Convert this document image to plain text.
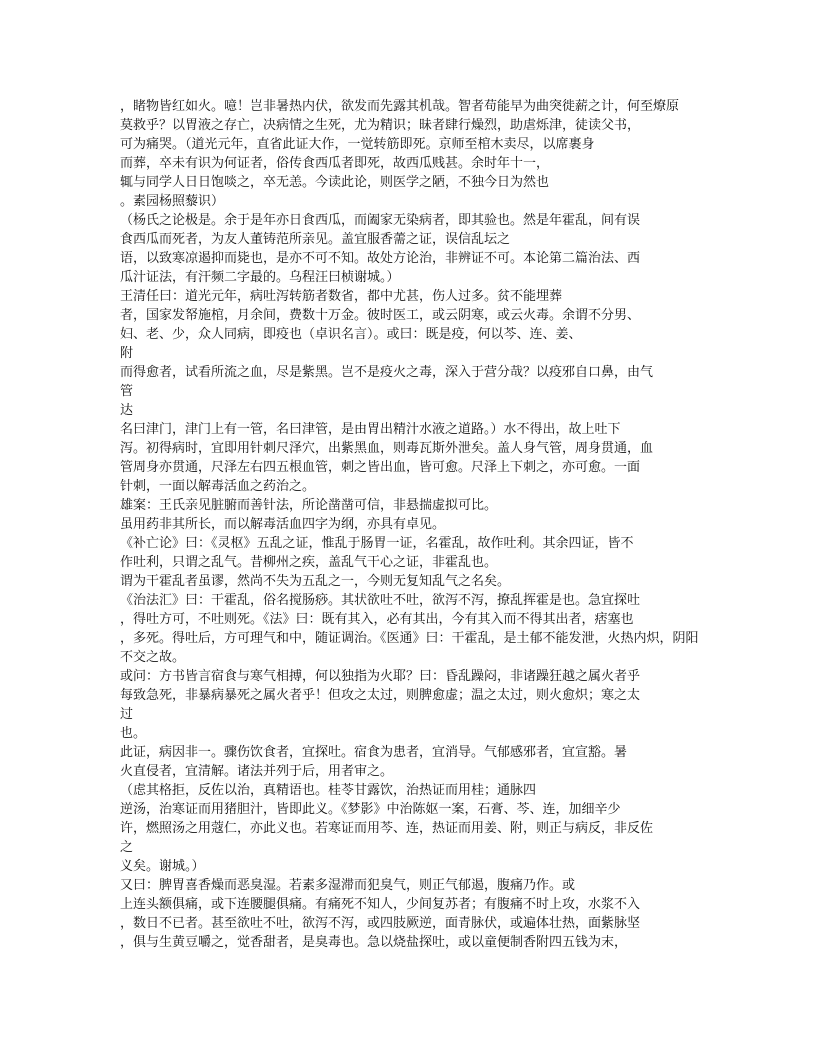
，睹物皆红如火。噫！岂非暑热内伏，欲发而先露其机哉。智者苟能早为曲突徙薪之计，何至燎原
莫救乎？以胃液之存亡，决病情之生死，尤为精识；昧者肆行燥烈，助虐烁津，徒读父书，
可为痛哭。（道光元年，直省此证大作，一觉转筋即死。京师至棺木卖尽，以席裹身
而葬，卒未有识为何证者，俗传食西瓜者即死，故西瓜贱甚。余时年十一，
辄与同学人日日饱啖之，卒无恙。今读此论，则医学之陋，不独今日为然也
。素园杨照藜识）
（杨氏之论极是。余于是年亦日食西瓜，而阖家无染病者，即其验也。然是年霍乱，间有误
食西瓜而死者，为友人董铸范所亲见。盖宜服香薷之证，误信乱坛之
语，以致寒凉遏抑而毙也，是亦不可不知。故处方论治，非辨证不可。本论第二篇治法、西
瓜汁证法，有汗频二字最的。乌程汪曰桢谢城。）
王清任曰：道光元年，病吐泻转筋者数省，都中尤甚，伤人过多。贫不能埋葬
者，国家发帑施棺，月余间，费数十万金。彼时医工，或云阴寒，或云火毒。余谓不分男、
妇、老、少，众人同病，即疫也（卓识名言）。或曰：既是疫，何以芩、连、姜、
附
而得愈者，试看所流之血，尽是紫黑。岂不是疫火之毒，深入于营分哉？以疫邪自口鼻，由气
管
达
名曰津门，津门上有一管，名曰津管，是由胃出精汁水液之道路。）水不得出，故上吐下
泻。初得病时，宜即用针刺尺泽穴，出紫黑血，则毒瓦斯外泄矣。盖人身气管，周身贯通，血
管周身亦贯通，尺泽左右四五根血管，刺之皆出血，皆可愈。尺泽上下刺之，亦可愈。一面
针刺，一面以解毒活血之药治之。
雄案：王氏亲见脏腑而善针法，所论凿凿可信，非悬揣虚拟可比。
虽用药非其所长，而以解毒活血四字为纲，亦具有卓见。
《补亡论》曰：《灵枢》五乱之证，惟乱于肠胃一证，名霍乱，故作吐利。其余四证，皆不
作吐利，只谓之乱气。昔柳州之疾，盖乱气干心之证，非霍乱也。
谓为干霍乱者虽谬，然尚不失为五乱之一，今则无复知乱气之名矣。
《治法汇》曰：干霍乱，俗名搅肠痧。其状欲吐不吐，欲泻不泻，撩乱挥霍是也。急宜探吐
，得吐方可，不吐则死。《法》曰：既有其入，必有其出，今有其入而不得其出者，痞塞也
，多死。得吐后，方可理气和中，随证调治。《医通》曰：干霍乱，是土郁不能发泄，火热内炽，阴阳
不交之故。
或问：方书皆言宿食与寒气相搏，何以独指为火耶？曰：昏乱躁闷，非诸躁狂越之属火者乎
每致急死，非暴病暴死之属火者乎！但攻之太过，则脾愈虚；温之太过，则火愈炽；寒之太
过
也。
此证，病因非一。骤伤饮食者，宜探吐。宿食为患者，宜消导。气郁感邪者，宜宣豁。暑
火直侵者，宜清解。诸法并列于后，用者审之。
（虑其格拒，反佐以治，真精语也。桂苓甘露饮，治热证而用桂；通脉四
逆汤，治寒证而用猪胆汁，皆即此义。《梦影》中治陈妪一案，石膏、芩、连，加细辛少
许，燃照汤之用蔻仁，亦此义也。若寒证而用芩、连，热证而用姜、附，则正与病反，非反佐
之
义矣。谢城。）
又曰：脾胃喜香燥而恶臭湿。若素多湿滞而犯臭气，则正气郁遏，腹痛乃作。或
上连头额俱痛，或下连腰腿俱痛。有痛死不知人，少间复苏者；有腹痛不时上攻，水浆不入
，数日不已者。甚至欲吐不吐，欲泻不泻，或四肢厥逆，面青脉伏，或遍体壮热，面紫脉坚
，俱与生黄豆嚼之，觉香甜者，是臭毒也。急以烧盐探吐，或以童便制香附四五钱为末，
